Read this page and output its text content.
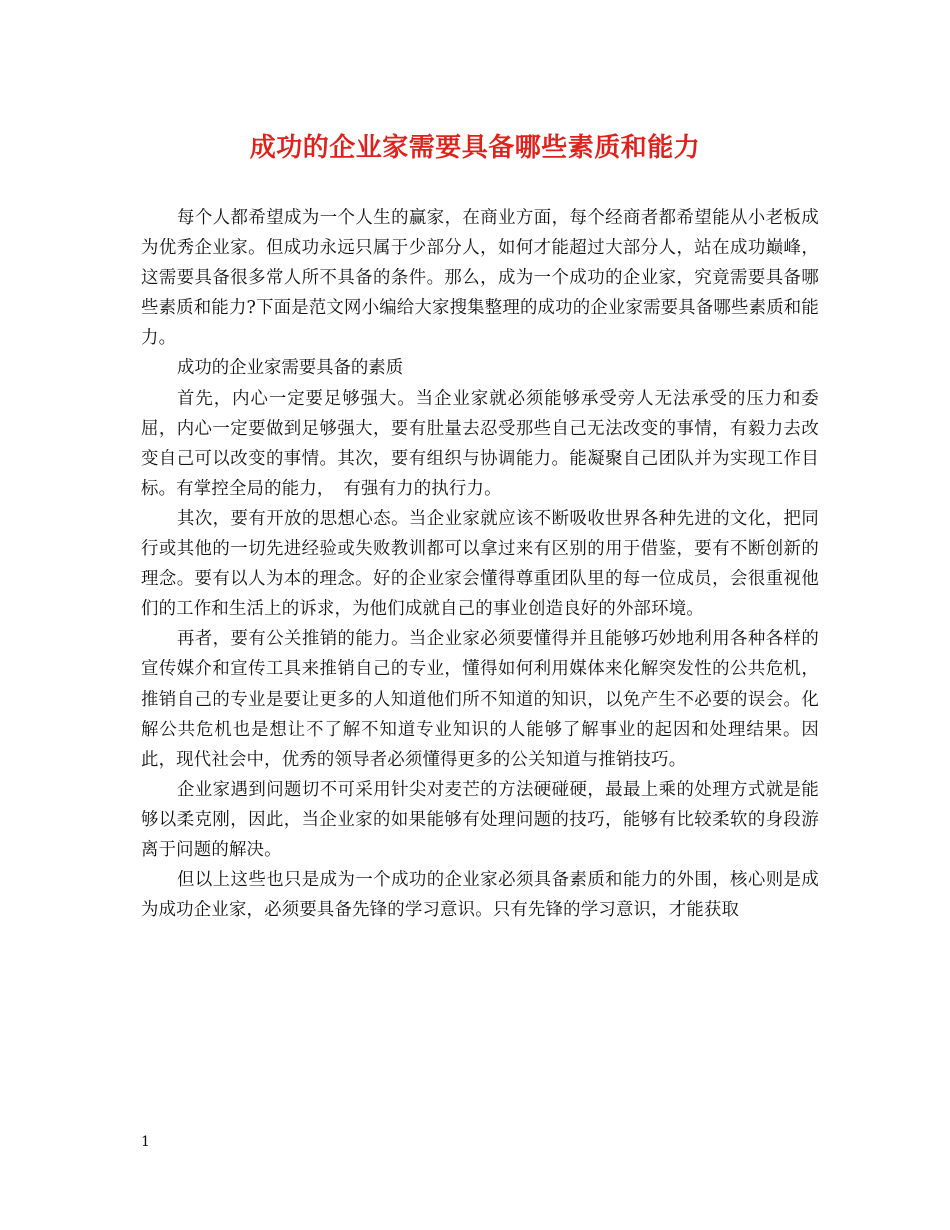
成功的企业家需要具备哪些素质和能力

每个人都希望成为一个人生的赢家，在商业方面，每个经商者都希望能从小老板成为优秀企业家。但成功永远只属于少部分人，如何才能超过大部分人，站在成功巅峰，这需要具备很多常人所不具备的条件。那么，成为一个成功的企业家，究竟需要具备哪些素质和能力?下面是范文网小编给大家搜集整理的成功的企业家需要具备哪些素质和能力。

成功的企业家需要具备的素质

首先，内心一定要足够强大。当企业家就必须能够承受旁人无法承受的压力和委屈，内心一定要做到足够强大，要有肚量去忍受那些自己无法改变的事情，有毅力去改变自己可以改变的事情。其次，要有组织与协调能力。能凝聚自己团队并为实现工作目标。有掌控全局的能力，　有强有力的执行力。

其次，要有开放的思想心态。当企业家就应该不断吸收世界各种先进的文化，把同行或其他的一切先进经验或失败教训都可以拿过来有区别的用于借鉴，要有不断创新的理念。要有以人为本的理念。好的企业家会懂得尊重团队里的每一位成员，会很重视他们的工作和生活上的诉求，为他们成就自己的事业创造良好的外部环境。

再者，要有公关推销的能力。当企业家必须要懂得并且能够巧妙地利用各种各样的宣传媒介和宣传工具来推销自己的专业，懂得如何利用媒体来化解突发性的公共危机，推销自己的专业是要让更多的人知道他们所不知道的知识，以免产生不必要的误会。化解公共危机也是想让不了解不知道专业知识的人能够了解事业的起因和处理结果。因此，现代社会中，优秀的领导者必须懂得更多的公关知道与推销技巧。

企业家遇到问题切不可采用针尖对麦芒的方法硬碰硬，最最上乘的处理方式就是能够以柔克刚，因此，当企业家的如果能够有处理问题的技巧，能够有比较柔软的身段游离于问题的解决。

但以上这些也只是成为一个成功的企业家必须具备素质和能力的外围，核心则是成为成功企业家，必须要具备先锋的学习意识。只有先锋的学习意识，才能获取

1
